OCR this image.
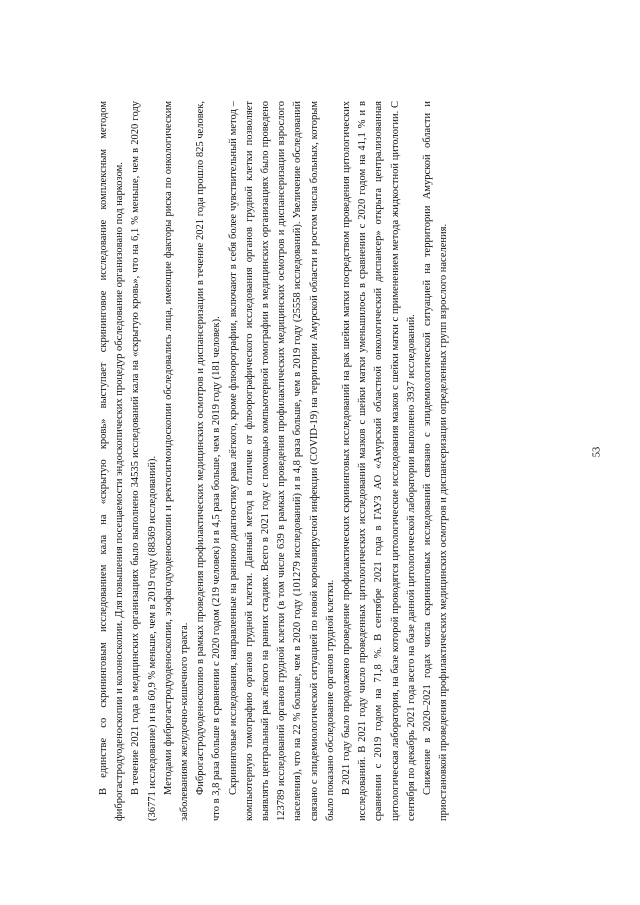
53

В единстве со скрининговым исследованием кала на «скрытую кровь» выступает скрининговое исследование комплексным методом фиброгастродуоденоскопии и колоноскопии. Для повышения посещаемости эндоскопических процедур обследование организовано под наркозом. В течение 2021 года в медицинских организациях было выполнено 34535 исследований кала на «скрытую кровь», что на 6,1 % меньше, чем в 2020 году (36771 исследование) и на 60,9 % меньше, чем в 2019 году (88369 исследований). Методами фиброгастродуоденоскопии, эзофагодуоденоскопии и ректосигмоидоскопии обследовались лица, имеющие факторы риска по онкологическим заболеваниям желудочно-кишечного тракта. Фиброгастродуоденоскопию в рамках проведения профилактических медицинских осмотров и диспансеризации в течение 2021 года прошло 825 человек, что в 3,8 раза больше в сравнении с 2020 годом (219 человек) и в 4,5 раза больше, чем в 2019 году (181 человек). Скрининговые исследования, направленные на раннюю диагностику рака лёгкого, кроме флюорографии, включают в себя более чувствительный метод – компьютерную томографию органов грудной клетки. Данный метод в отличие от флюорографического исследования органов грудной клетки позволяет выявлять центральный рак лёгкого на ранних стадиях. Всего в 2021 году с помощью компьютерной томографии в медицинских организациях было проведено 123789 исследований органов грудной клетки (в том числе 639 в рамках проведения профилактических медицинских осмотров и диспансеризации взрослого населения), что на 22 % больше, чем в 2020 году (101279 исследований) и в 4,8 раза больше, чем в 2019 году (25558 исследований). Увеличение обследований связано с эпидемиологической ситуацией по новой коронавирусной инфекции (COVID-19) на территории Амурской области и ростом числа больных, которым было показано обследование органов грудной клетки. В 2021 году было продолжено проведение профилактических скрининговых исследований на рак шейки матки посредством проведения цитологических исследований. В 2021 году число проведенных цитологических исследований мазков с шейки матки уменьшилось в сравнении с 2020 годом на 41,1 % и в сравнении с 2019 годом на 71,8 %. В сентябре 2021 года в ГАУЗ АО «Амурский областной онкологический диспансер» открыта централизованная цитологическая лаборатория, на базе которой проводятся цитологические исследования мазков с шейки матки с применением метода жидкостной цитологии. С сентября по декабрь 2021 года всего на базе данной цитологической лаборатории выполнено 3937 исследований. Снижение в 2020–2021 годах числа скрининговых исследований связано с эпидемиологической ситуацией на территории Амурской области и приостановкой проведения профилактических медицинских осмотров и диспансеризации определенных групп взрослого населения.
